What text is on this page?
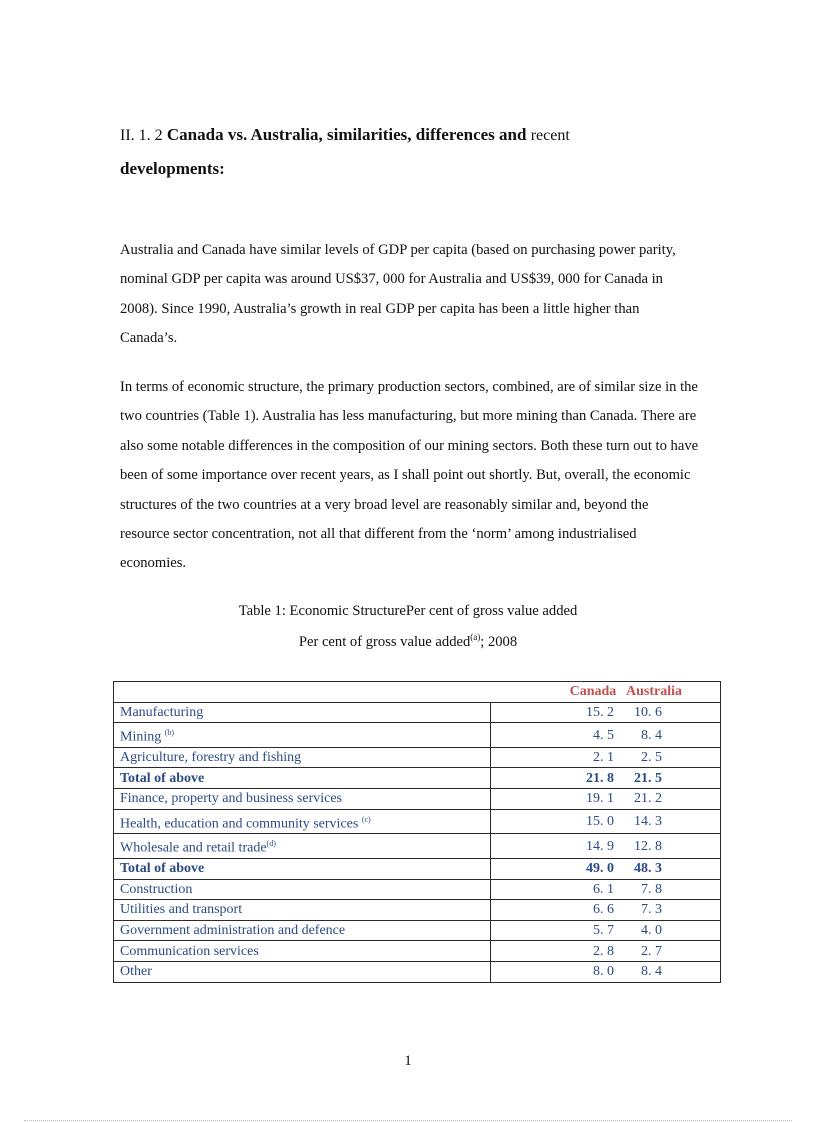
II. 1. 2 Canada vs. Australia, similarities, differences and recent
developments:

Australia and Canada have similar levels of GDP per capita (based on purchasing power parity, nominal GDP per capita was around US$37, 000 for Australia and US$39, 000 for Canada in 2008). Since 1990, Australia’s growth in real GDP per capita has been a little higher than Canada’s.

In terms of economic structure, the primary production sectors, combined, are of similar size in the two countries (Table 1). Australia has less manufacturing, but more mining than Canada. There are also some notable differences in the composition of our mining sectors. Both these turn out to have been of some importance over recent years, as I shall point out shortly. But, overall, the economic structures of the two countries at a very broad level are reasonably similar and, beyond the resource sector concentration, not all that different from the ‘norm’ among industrialised economies.

Table 1: Economic StructurePer cent of gross value added
Per cent of gross value added$^{(a)}$; 2008
Canada Australia	
Manufacturing	15. 2 10. 6
Mining $^{(b)}$	4. 5 8. 4
Agriculture, forestry and fishing	2. 1 2. 5
Total of above	21. 8 21. 5
Finance, property and business services	19. 1 21. 2
Health, education and community services $^{(c)}$	15. 0 14. 3
Wholesale and retail trade$^{(d)}$	14. 9 12. 8
Total of above	49. 0 48. 3
Construction	6. 1 7. 8
Utilities and transport	6. 6 7. 3
Government administration and defence	5. 7 4. 0
Communication services	2. 8 2. 7
Other	8. 0 8. 4
1
